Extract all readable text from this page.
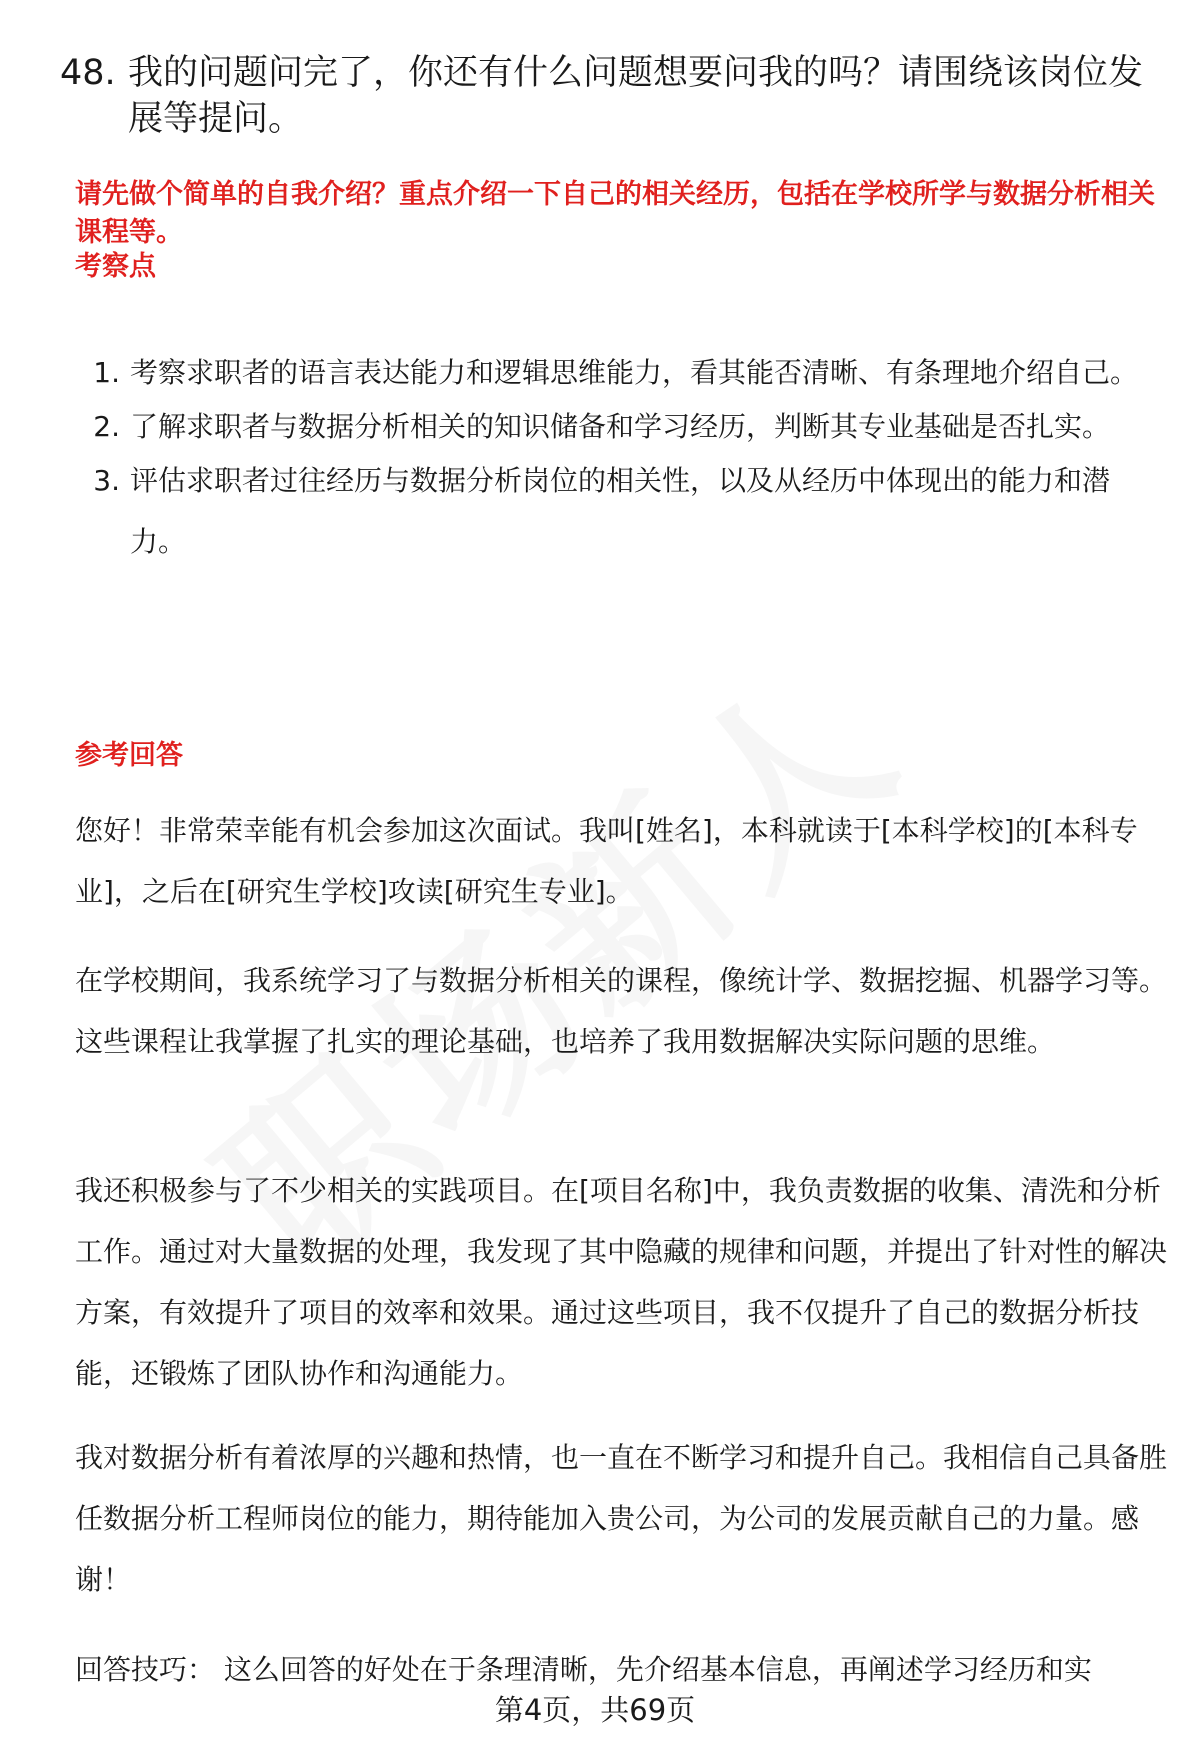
48. 我的问题问完了，你还有什么问题想要问我的吗？请围绕该岗位发展等提问。
请先做个简单的自我介绍？重点介绍一下自己的相关经历，包括在学校所学与数据分析相关课程等。
考察点
1. 考察求职者的语言表达能力和逻辑思维能力，看其能否清晰、有条理地介绍自己。
2. 了解求职者与数据分析相关的知识储备和学习经历，判断其专业基础是否扎实。
3. 评估求职者过往经历与数据分析岗位的相关性，以及从经历中体现出的能力和潜力。
参考回答
您好！非常荣幸能有机会参加这次面试。我叫[姓名]，本科就读于[本科学校]的[本科专业]，之后在[研究生学校]攻读[研究生专业]。
在学校期间，我系统学习了与数据分析相关的课程，像统计学、数据挖掘、机器学习等。这些课程让我掌握了扎实的理论基础，也培养了我用数据解决实际问题的思维。
我还积极参与了不少相关的实践项目。在[项目名称]中，我负责数据的收集、清洗和分析工作。通过对大量数据的处理，我发现了其中隐藏的规律和问题，并提出了针对性的解决方案，有效提升了项目的效率和效果。通过这些项目，我不仅提升了自己的数据分析技能，还锻炼了团队协作和沟通能力。
我对数据分析有着浓厚的兴趣和热情，也一直在不断学习和提升自己。我相信自己具备胜任数据分析工程师岗位的能力，期待能加入贵公司，为公司的发展贡献自己的力量。感谢！
回答技巧： 这么回答的好处在于条理清晰，先介绍基本信息，再阐述学习经历和实
第4页，共69页
